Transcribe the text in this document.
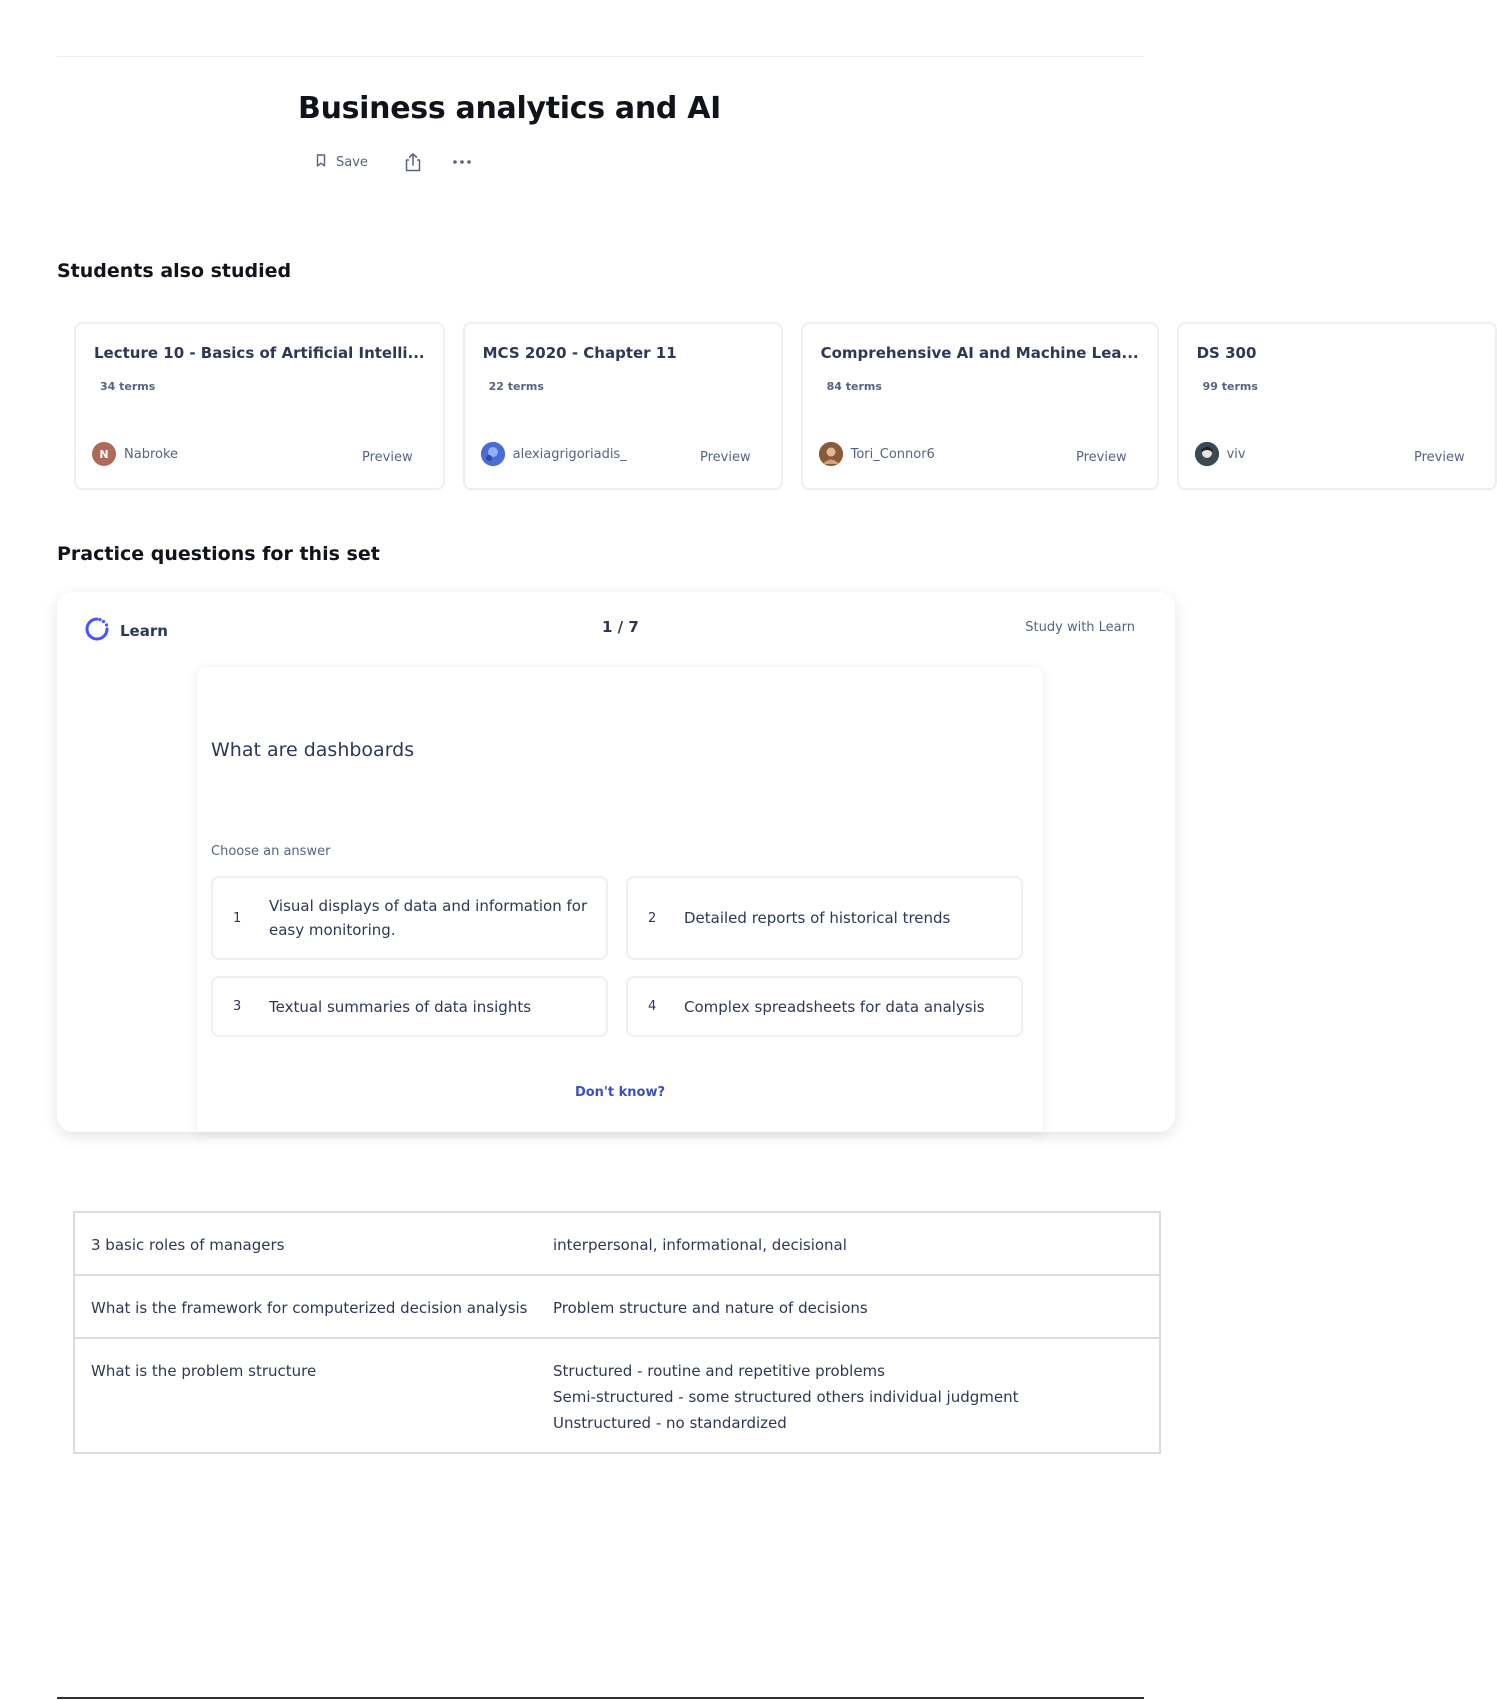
Business analytics and AI
Save
Students also studied
Lecture 10 - Basics of Artificial Intelli...
34 terms
N	Nabroke	Preview
MCS 2020 - Chapter 11
22 terms
alexiagrigoriadis_	Preview
Comprehensive AI and Machine Lea...
84 terms
Tori_Connor6	Preview
DS 300
99 terms
viv	Preview
Practice questions for this set
Learn	1 / 7	Study with Learn
What are dashboards
Choose an answer
1
Visual displays of data and information for easy monitoring.
2	Detailed reports of historical trends
3	Textual summaries of data insights	4	Complex spreadsheets for data analysis
Don't know?
3 basic roles of managers	interpersonal, informational, decisional
What is the framework for computerized decision analysis	Problem structure and nature of decisions
What is the problem structure	Structured - routine and repetitive problems
Semi-structured - some structured others individual judgment
Unstructured - no standardized
